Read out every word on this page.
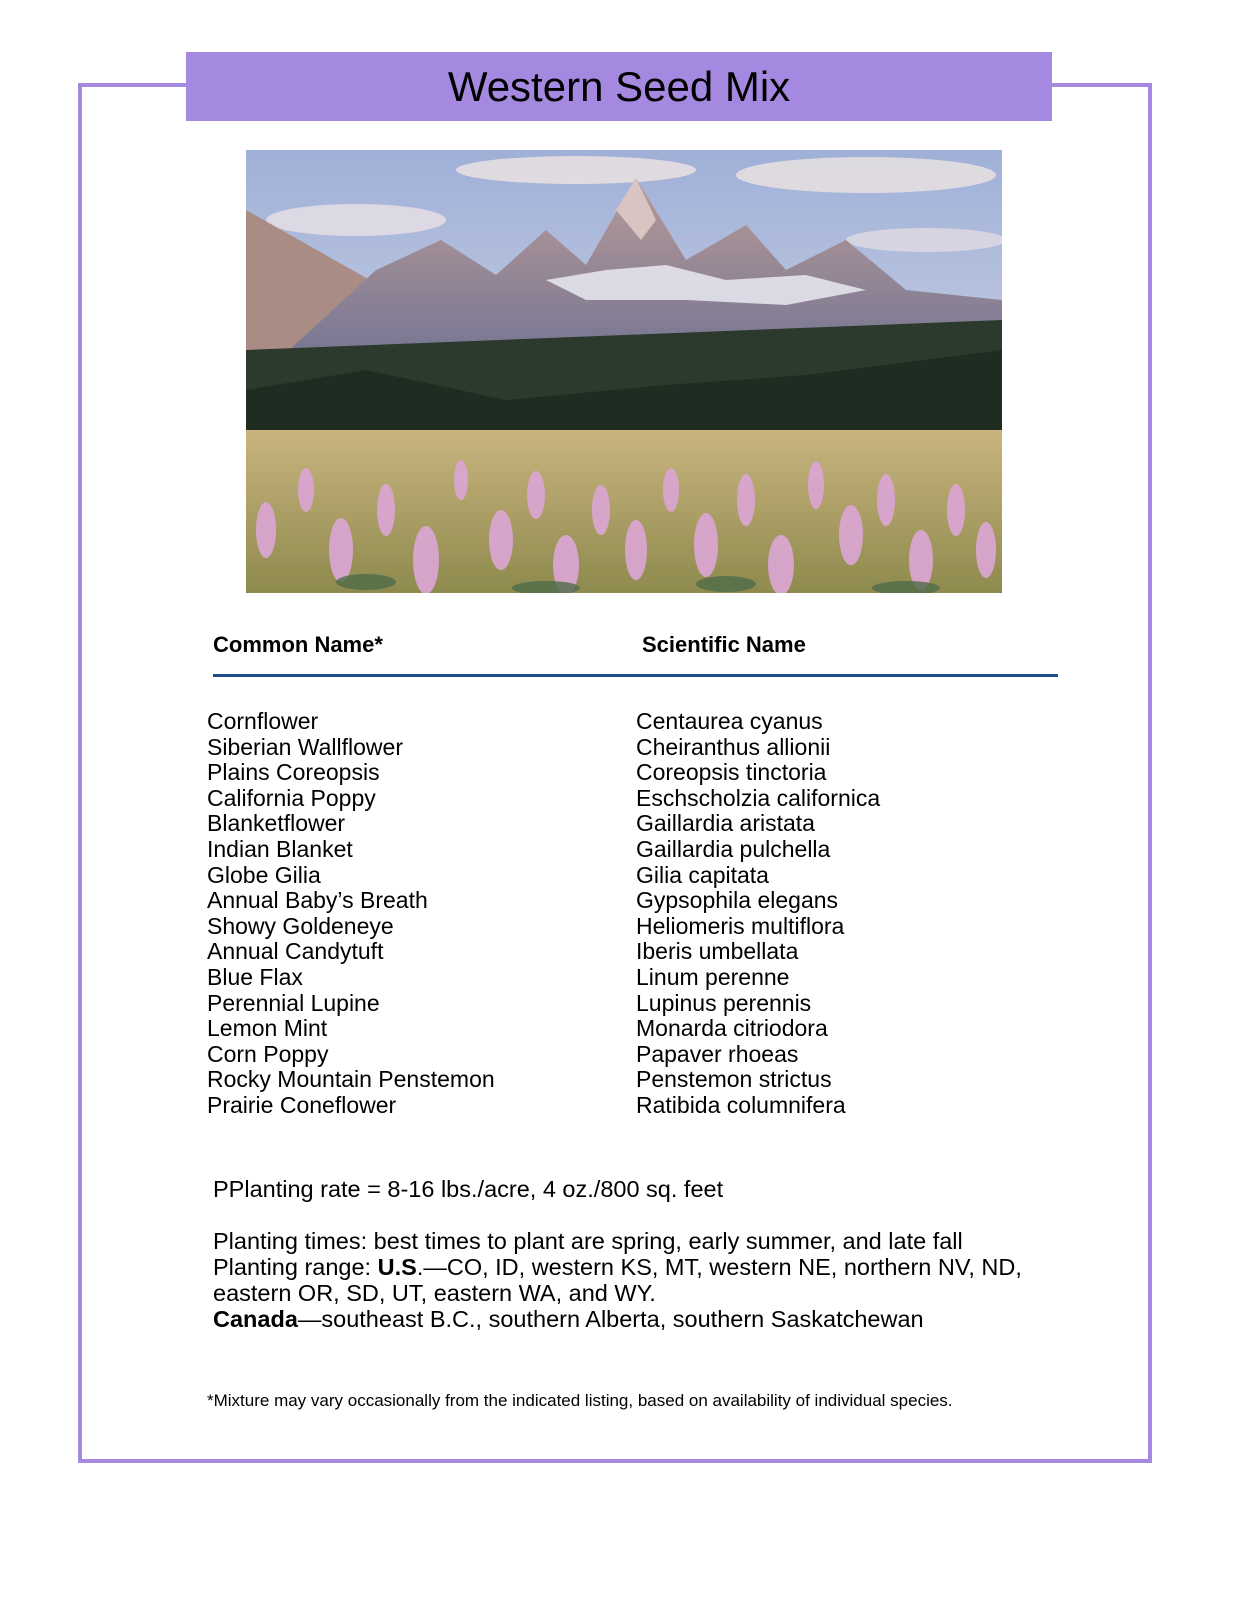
Western Seed Mix
Common Name*	Scientific Name
Cornflower
Siberian Wallflower
Plains Coreopsis
California Poppy
Blanketflower
Indian Blanket
Globe Gilia
Annual Baby’s Breath
Showy Goldeneye
Annual Candytuft
Blue Flax
Perennial Lupine
Lemon Mint
Corn Poppy
Rocky Mountain Penstemon
Prairie Coneflower
Centaurea cyanus
Cheiranthus allionii
Coreopsis tinctoria
Eschscholzia californica
Gaillardia aristata
Gaillardia pulchella
Gilia capitata
Gypsophila elegans
Heliomeris multiflora
Iberis umbellata
Linum perenne
Lupinus perennis
Monarda citriodora
Papaver rhoeas
Penstemon strictus
Ratibida columnifera

PPlanting rate = 8-16 lbs./acre, 4 oz./800 sq. feet

Planting times: best times to plant are spring, early summer, and late fall
Planting range: U.S.—CO, ID, western KS, MT, western NE, northern NV, ND, eastern OR, SD, UT, eastern WA, and WY.
Canada—southeast B.C., southern Alberta, southern Saskatchewan

*Mixture may vary occasionally from the indicated listing, based on availability of individual species.
